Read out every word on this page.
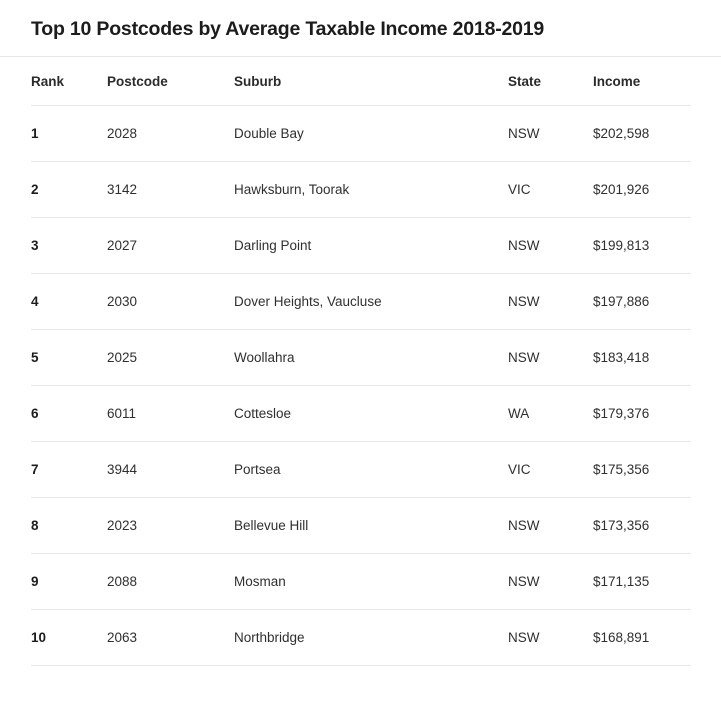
Top 10 Postcodes by Average Taxable Income 2018-2019
Rank	Postcode	Suburb	State	Income
1	2028	Double Bay	NSW	$202,598
2	3142	Hawksburn, Toorak	VIC	$201,926
3	2027	Darling Point	NSW	$199,813
4	2030	Dover Heights, Vaucluse	NSW	$197,886
5	2025	Woollahra	NSW	$183,418
6	6011	Cottesloe	WA	$179,376
7	3944	Portsea	VIC	$175,356
8	2023	Bellevue Hill	NSW	$173,356
9	2088	Mosman	NSW	$171,135
10	2063	Northbridge	NSW	$168,891
